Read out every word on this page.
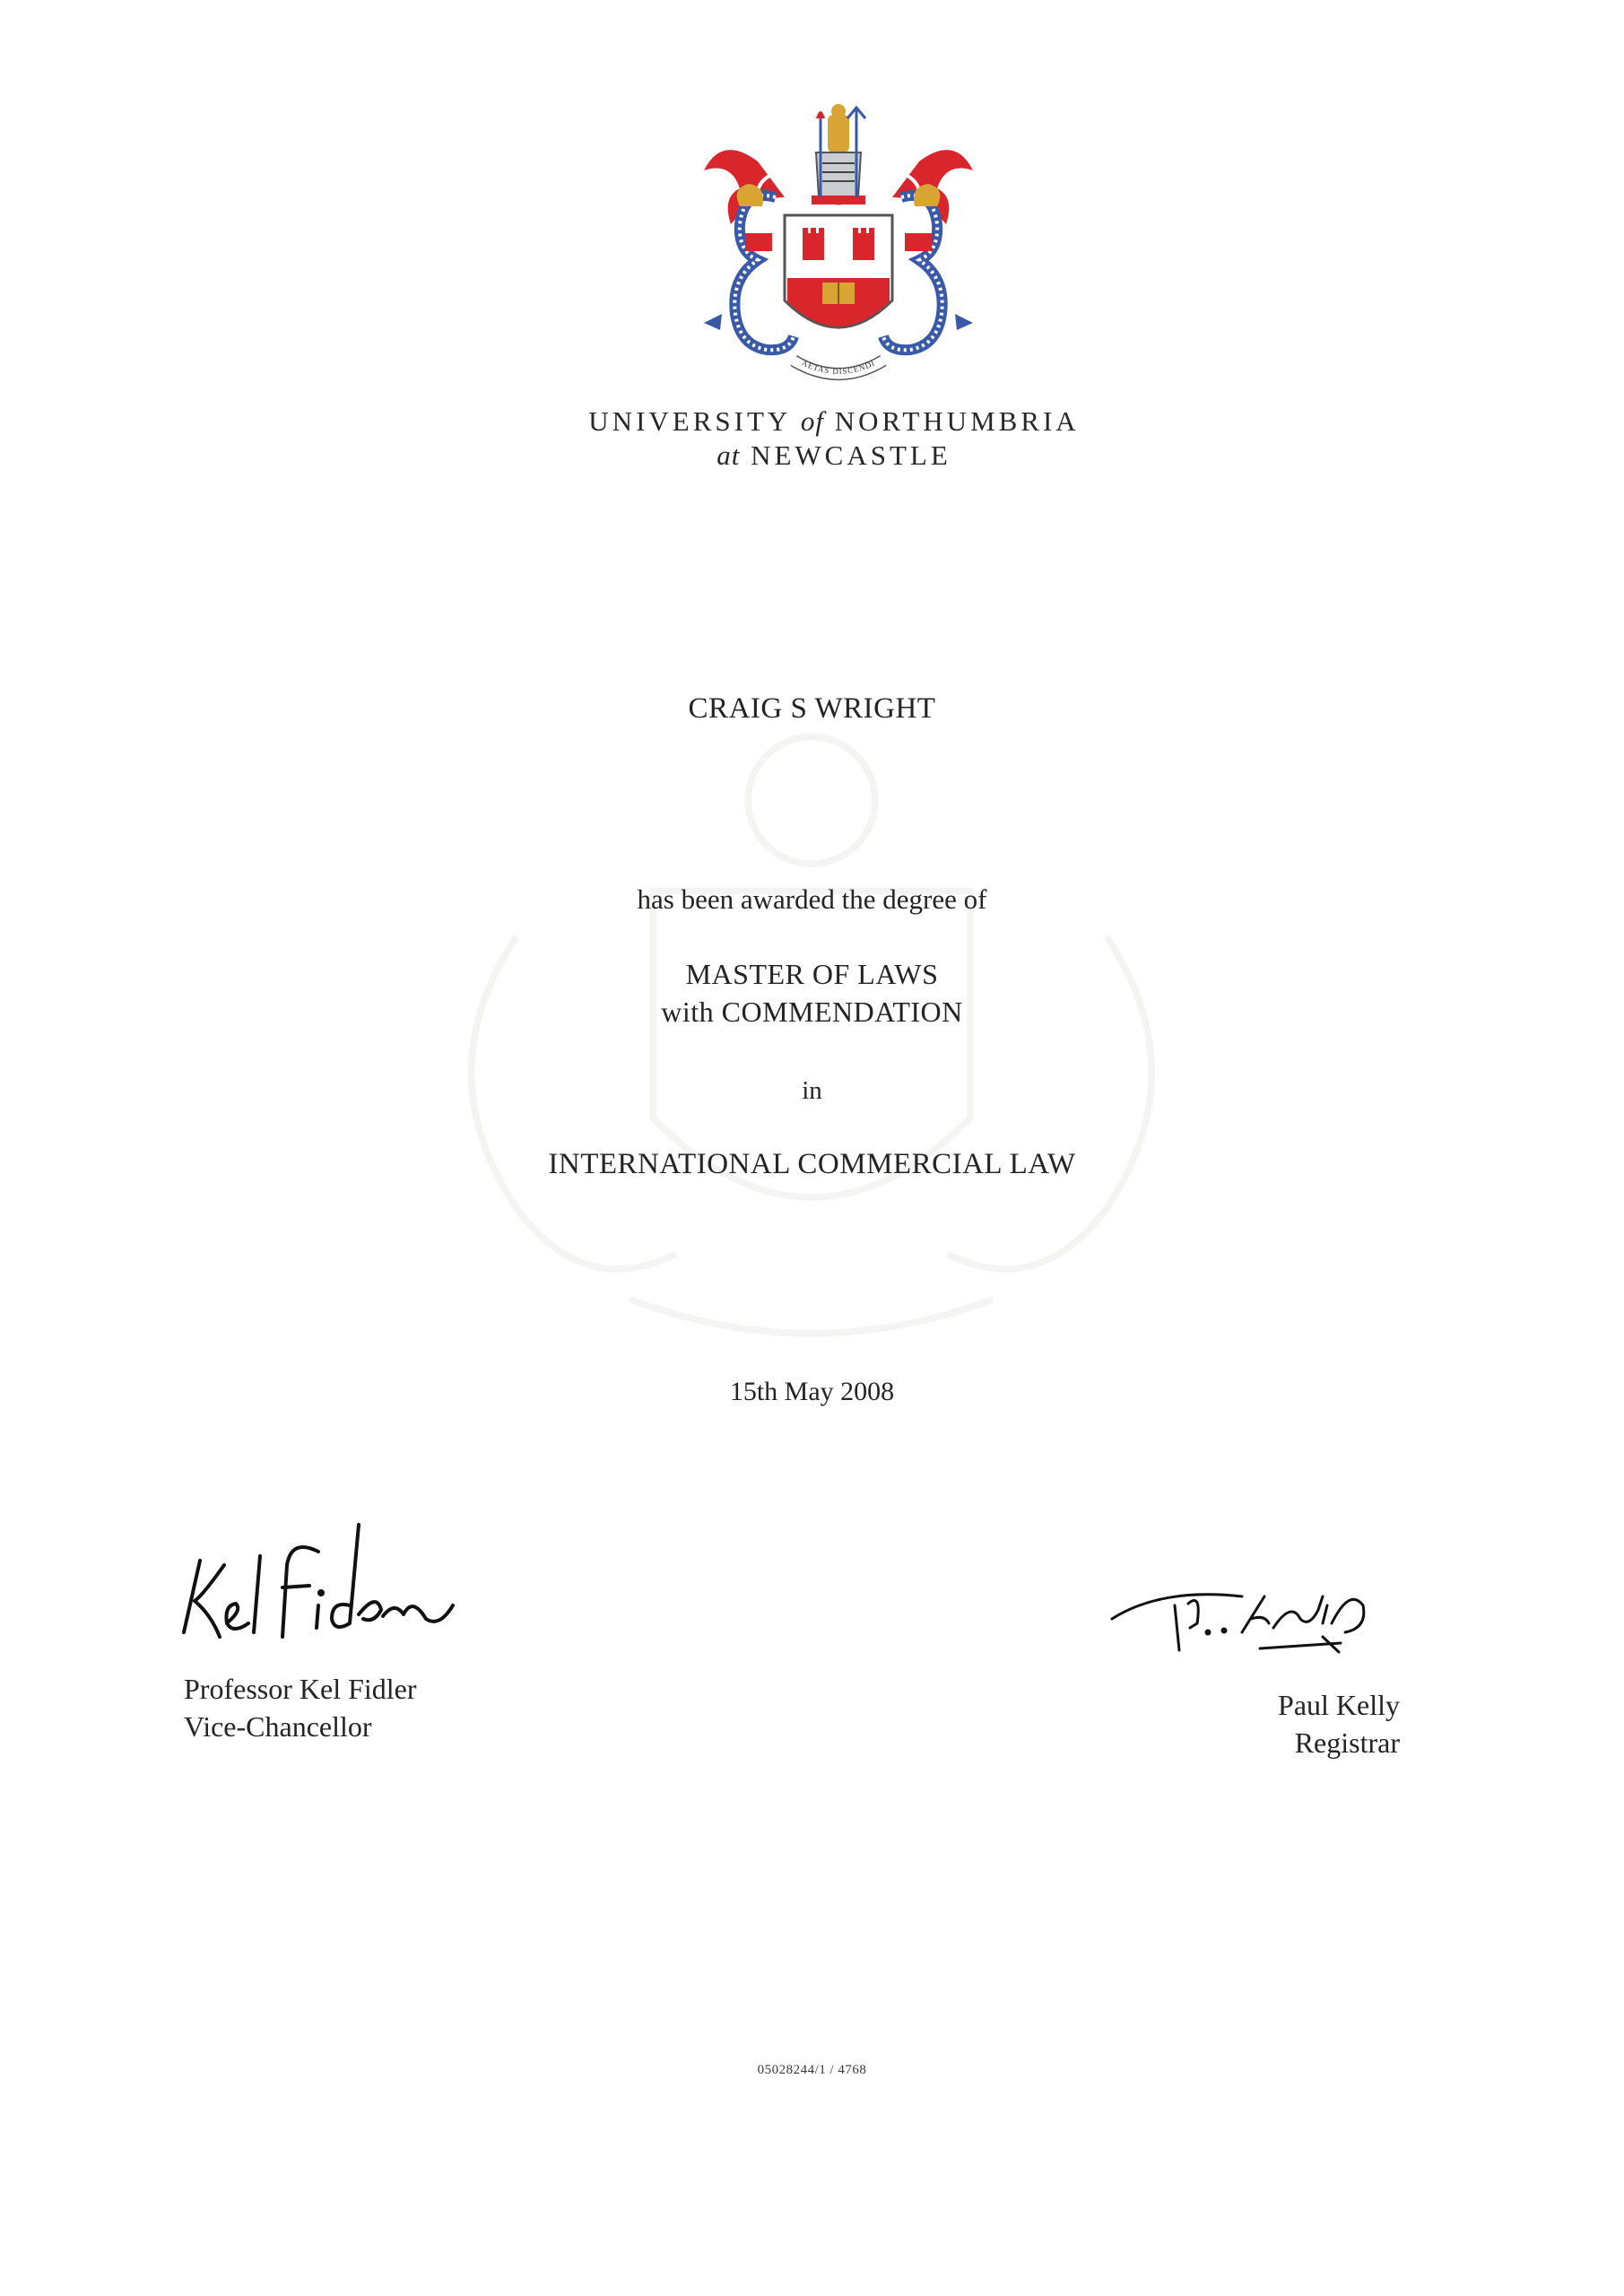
AETAS DISCENDI
UNIVERSITY of NORTHUMBRIA
at NEWCASTLE
CRAIG S WRIGHT
has been awarded the degree of
MASTER OF LAWS
with COMMENDATION
in
INTERNATIONAL COMMERCIAL LAW
15th May 2008
Professor Kel Fidler
Vice-Chancellor
Paul Kelly
Registrar
05028244/1 / 4768
